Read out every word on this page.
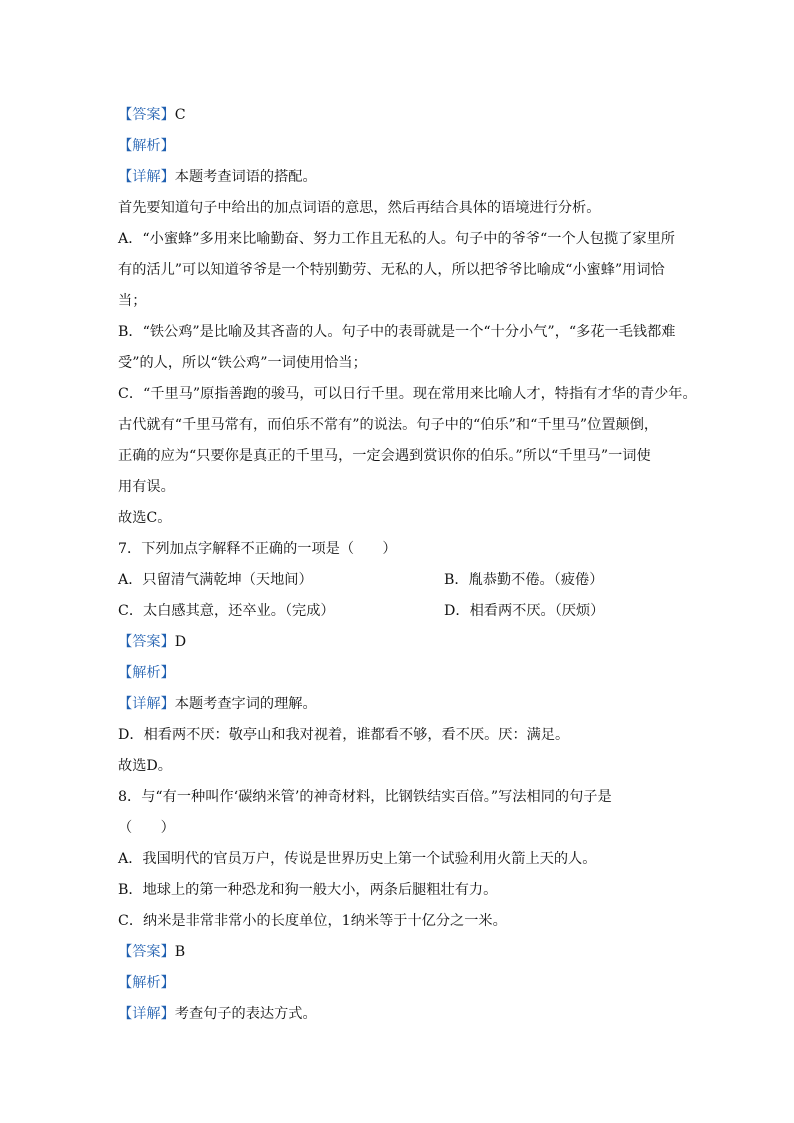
【答案】C
【解析】
【详解】本题考查词语的搭配。
首先要知道句子中给出的加点词语的意思，然后再结合具体的语境进行分析。
A．“小蜜蜂”多用来比喻勤奋、努力工作且无私的人。句子中的爷爷“一个人包揽了家里所
有的活儿”可以知道爷爷是一个特别勤劳、无私的人，所以把爷爷比喻成“小蜜蜂”用词恰
当；
B．“铁公鸡”是比喻及其吝啬的人。句子中的表哥就是一个“十分小气”，“多花一毛钱都难
受”的人，所以“铁公鸡”一词使用恰当；
C．“千里马”原指善跑的骏马，可以日行千里。现在常用来比喻人才，特指有才华的青少年。
古代就有“千里马常有，而伯乐不常有”的说法。句子中的“伯乐”和“千里马”位置颠倒，
正确的应为“只要你是真正的千里马，一定会遇到赏识你的伯乐。”所以“千里马”一词使
用有误。
故选C。
7．下列加点字解释不正确的一项是（　　）
A．只留清气满乾坤（天地间）	B．胤恭勤不倦。（疲倦）
C．太白感其意，还卒业。（完成）	D．相看两不厌。（厌烦）
【答案】D
【解析】
【详解】本题考查字词的理解。
D．相看两不厌：敬亭山和我对视着，谁都看不够，看不厌。厌：满足。
故选D。
8．与“有一种叫作‘碳纳米管’的神奇材料，比钢铁结实百倍。”写法相同的句子是
（　　）
A．我国明代的官员万户，传说是世界历史上第一个试验利用火箭上天的人。
B．地球上的第一种恐龙和狗一般大小，两条后腿粗壮有力。
C．纳米是非常非常小的长度单位，1纳米等于十亿分之一米。
【答案】B
【解析】
【详解】考查句子的表达方式。
